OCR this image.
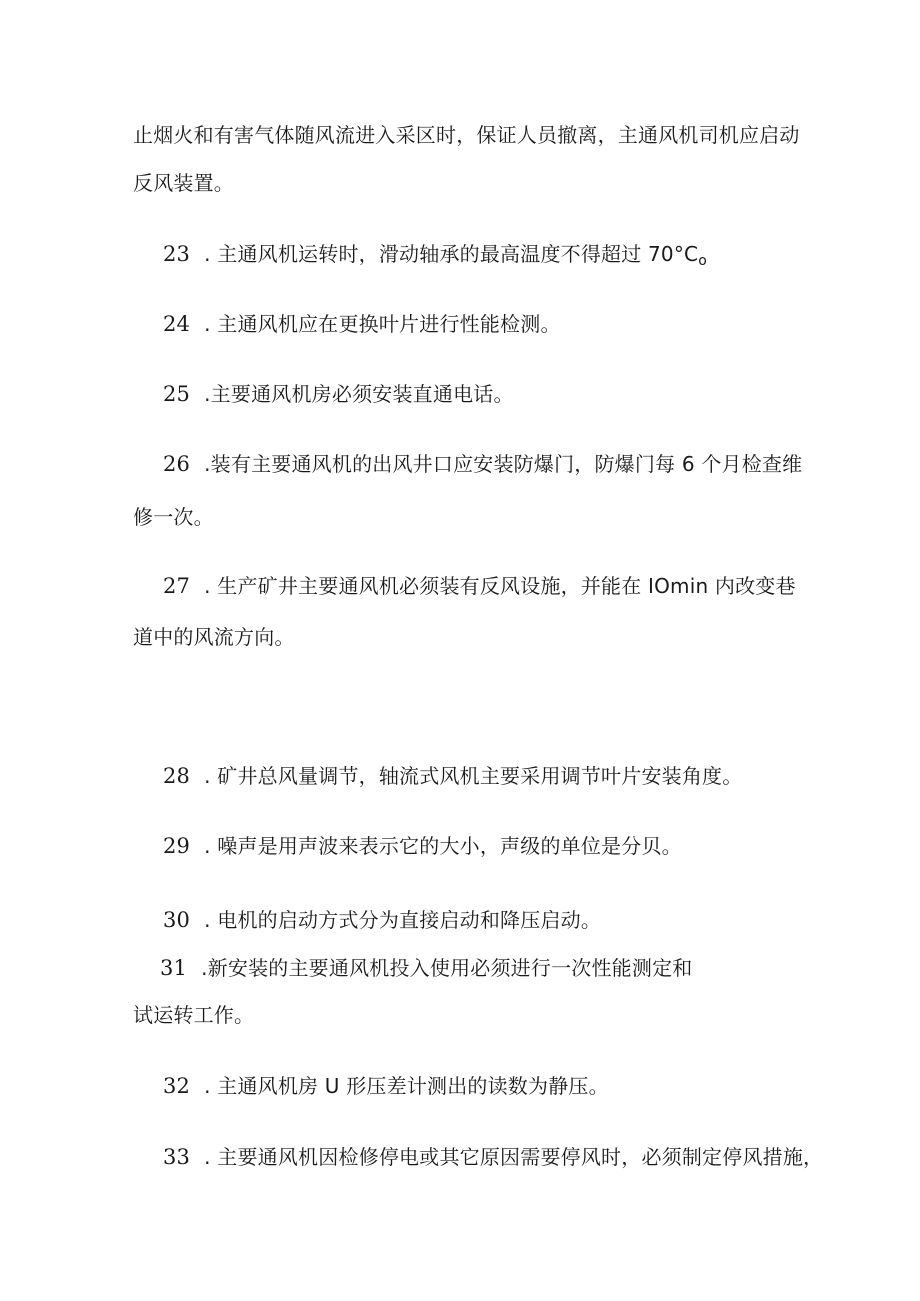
止烟火和有害气体随风流进入采区时，保证人员撤离，主通风机司机应启动
反风装置。
23 . 主通风机运转时，滑动轴承的最高温度不得超过 $70^\circ C_o$
24 . 主通风机应在更换叶片进行性能检测。
25 .主要通风机房必须安装直通电话。
26 .装有主要通风机的出风井口应安装防爆门，防爆门每 6 个月检查维
修一次。
27 . 生产矿井主要通风机必须装有反风设施，并能在 IOmin 内改变巷
道中的风流方向。
28 . 矿井总风量调节，轴流式风机主要采用调节叶片安装角度。
29 . 噪声是用声波来表示它的大小，声级的单位是分贝。
30 . 电机的启动方式分为直接启动和降压启动。
31 .新安装的主要通风机投入使用必须进行一次性能测定和
试运转工作。
32 . 主通风机房 U 形压差计测出的读数为静压。
33 . 主要通风机因检修停电或其它原因需要停风时，必须制定停风措施，
